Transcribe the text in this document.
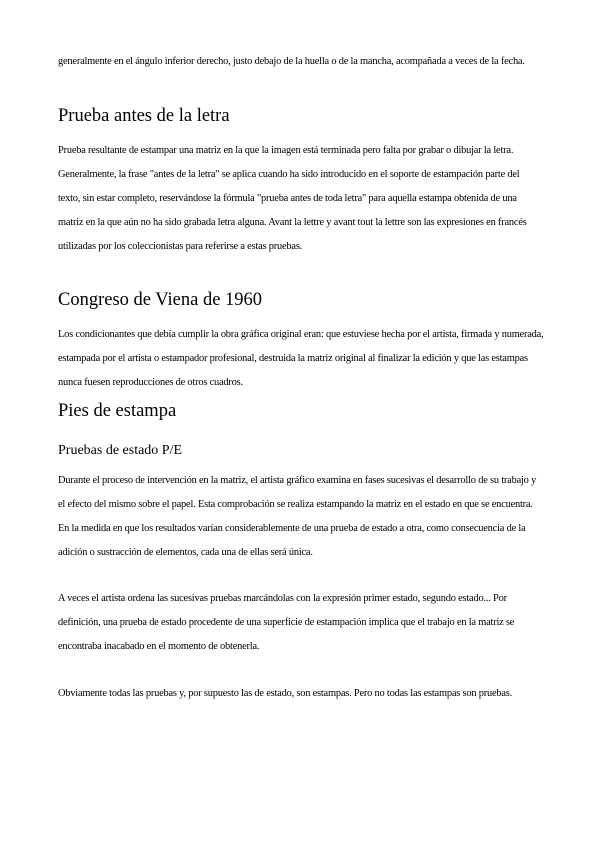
generalmente en el ángulo inferior derecho, justo debajo de la huella o de la mancha, acompañada a veces de la fecha.

Prueba antes de la letra

Prueba resultante de estampar una matriz en la que la imagen está terminada pero falta por grabar o dibujar la letra. Generalmente, la frase "antes de la letra" se aplica cuando ha sido introducido en el soporte de estampación parte del texto, sin estar completo, reservándose la fórmula "prueba antes de toda letra" para aquella estampa obtenida de una matriz en la que aún no ha sido grabada letra alguna. Avant la lettre y avant tout la lettre son las expresiones en francés utilizadas por los coleccionistas para referirse a estas pruebas.

Congreso de Viena de 1960

Los condicionantes que debía cumplir la obra gráfica original eran: que estuviese hecha por el artista, firmada y numerada, estampada por el artista o estampador profesional, destruida la matriz original al finalizar la edición y que las estampas nunca fuesen reproducciones de otros cuadros.

Pies de estampa
Pruebas de estado P/E

Durante el proceso de intervención en la matriz, el artista gráfico examina en fases sucesivas el desarrollo de su trabajo y el efecto del mismo sobre el papel. Esta comprobación se realiza estampando la matriz en el estado en que se encuentra. En la medida en que los resultados varían considerablemente de una prueba de estado a otra, como consecuencia de la adición o sustracción de elementos, cada una de ellas será única.

A veces el artista ordena las sucesivas pruebas marcándolas con la expresión primer estado, segundo estado... Por definición, una prueba de estado procedente de una superficie de estampación implica que el trabajo en la matriz se encontraba inacabado en el momento de obtenerla.

Obviamente todas las pruebas y, por supuesto las de estado, son estampas. Pero no todas las estampas son pruebas.
